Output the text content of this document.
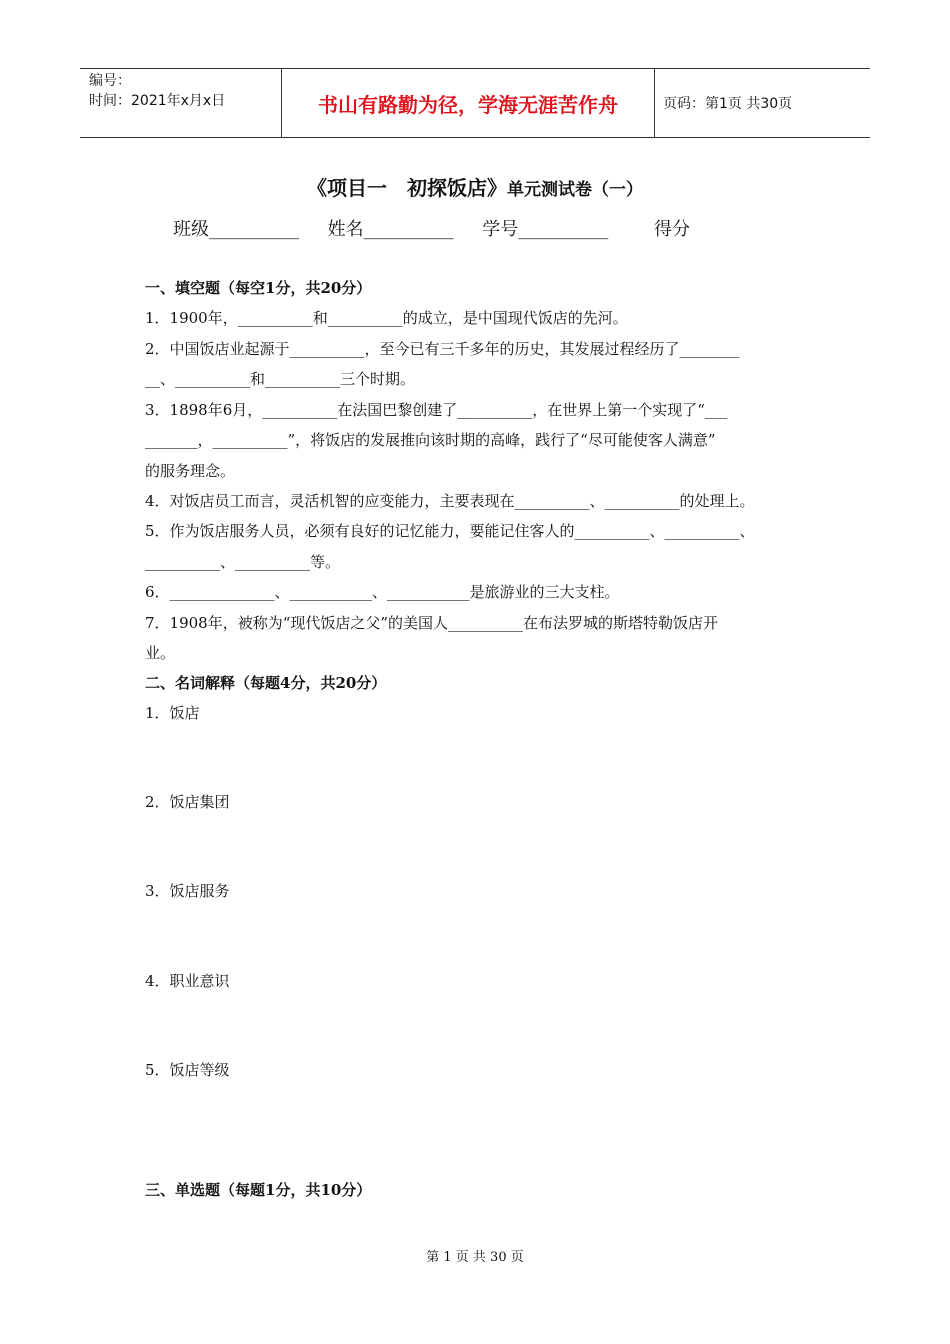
编号：
时间：2021年x月x日	书山有路勤为径，学海无涯苦作舟	页码：第1页 共30页
《项目一　初探饭店》单元测试卷（一）
班级__________     姓名__________     学号__________        得分
一、填空题（每空1分，共20分）
1．1900年，__________和__________的成立，是中国现代饭店的先河。
2．中国饭店业起源于__________，至今已有三千多年的历史，其发展过程经历了________
__、__________和__________三个时期。
3．1898年6月，__________在法国巴黎创建了__________，在世界上第一个实现了“___
_______，__________”，将饭店的发展推向该时期的高峰，践行了“尽可能使客人满意”
的服务理念。
4．对饭店员工而言，灵活机智的应变能力，主要表现在__________、__________的处理上。
5．作为饭店服务人员，必须有良好的记忆能力，要能记住客人的__________、__________、
__________、__________等。
6．______________、___________、___________是旅游业的三大支柱。
7．1908年，被称为“现代饭店之父”的美国人__________在布法罗城的斯塔特勒饭店开
业。
二、名词解释（每题4分，共20分）
1．饭店
2．饭店集团
3．饭店服务
4．职业意识
5．饭店等级
三、单选题（每题1分，共10分）
第 1 页 共 30 页
